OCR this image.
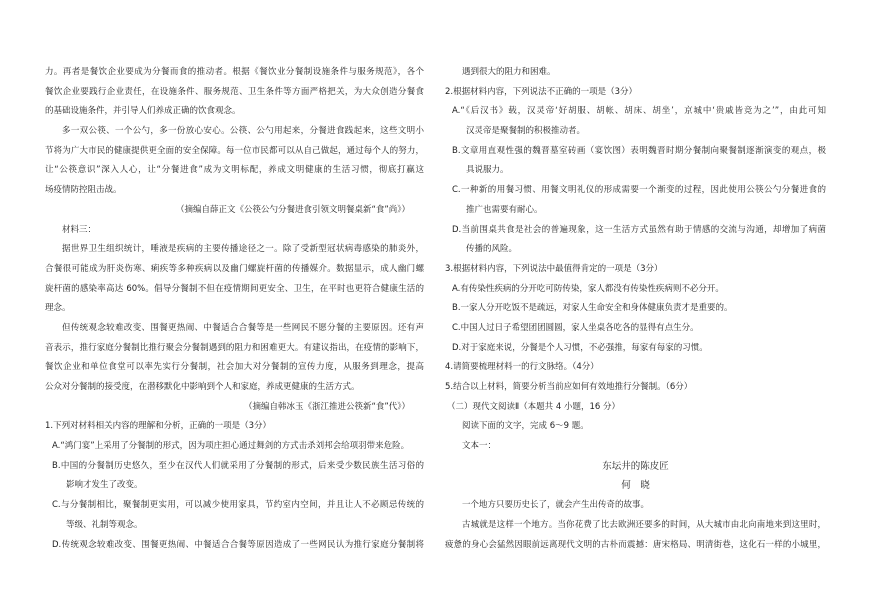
力。再者是餐饮企业要成为分餐而食的推动者。根据《餐饮业分餐制设施条件与服务规范》，各个
餐饮企业要践行企业责任，在设施条件、服务规范、卫生条件等方面严格把关，为大众创造分餐食
的基础设施条件，并引导人们养成正确的饮食观念。
多一双公筷、一个公勺，多一份放心安心。公筷、公勺用起来，分餐进食践起来，这些文明小
节将为广大市民的健康提供更全面的安全保障。每一位市民都可以从自己做起，通过每个人的努力，
让“公筷意识”深入人心，让“分餐进食”成为文明标配，养成文明健康的生活习惯，彻底打赢这
场疫情防控阻击战。
（摘编自薛正文《公筷公勺分餐进食引领文明餐桌新“食”尚》）
材料三：
据世界卫生组织统计，唾液是疾病的主要传播途径之一。除了受新型冠状病毒感染的肺炎外，
合餐很可能成为肝炎伤寒、痢疾等多种疾病以及幽门螺旋杆菌的传播媒介。数据显示，成人幽门螺
旋杆菌的感染率高达 60%。倡导分餐制不但在疫情期间更安全、卫生，在平时也更符合健康生活的
理念。
但传统观念较难改变、围餐更热闹、中餐适合合餐等是一些网民不愿分餐的主要原因。还有声
音表示，推行家庭分餐制比推行聚会分餐制遇到的阻力和困难更大。有建议指出，在疫情的影响下，
餐饮企业和单位食堂可以率先实行分餐制，社会加大对分餐制的宣传力度，从服务到理念，提高
公众对分餐制的接受度，在潜移默化中影响到个人和家庭，养成更健康的生活方式。
（摘编自韩冰玉《浙江推进公筷新“食”代》）
1.下列对材料相关内容的理解和分析，正确的一项是（3分）
A.“鸿门宴”上采用了分餐制的形式，因为项庄担心通过舞剑的方式击杀刘邦会给项羽带来危险。
B.中国的分餐制历史悠久，至少在汉代人们就采用了分餐制的形式，后来受少数民族生活习俗的
影响才发生了改变。
C.与分餐制相比，聚餐制更实用，可以减少使用家具，节约室内空间，并且让人不必顾忌传统的
等级、礼制等观念。
D.传统观念较难改变、围餐更热闹、中餐适合合餐等原因造成了一些网民认为推行家庭分餐制将
遇到很大的阻力和困难。
2.根据材料内容，下列说法不正确的一项是（3分）
A.“《后汉书》载，汉灵帝‘好胡服、胡帐、胡床、胡坐’，京城中‘贵戚皆竞为之’”，由此可知
汉灵帝是聚餐制的积极推动者。
B.文章用直观性强的魏晋墓室砖画（宴饮图）表明魏晋时期分餐制向聚餐制逐渐演变的观点，极
具说服力。
C.一种新的用餐习惯、用餐文明礼仪的形成需要一个渐变的过程，因此使用公筷公勺分餐进食的
推广也需要有耐心。
D.当前围桌共食是社会的普遍现象，这一生活方式虽然有助于情感的交流与沟通，却增加了病菌
传播的风险。
3.根据材料内容，下列说法中最值得肯定的一项是（3分）
A.有传染性疾病的分开吃可防传染，家人都没有传染性疾病则不必分开。
B.一家人分开吃饭不是疏远，对家人生命安全和身体健康负责才是重要的。
C.中国人过日子希望团团圆圆，家人坐桌各吃各的显得有点生分。
D.对于家庭来说，分餐是个人习惯，不必强推，每家有每家的习惯。
4.请简要梳理材料一的行文脉络。（4分）
5.结合以上材料，简要分析当前应如何有效地推行分餐制。（6分）
（二）现代文阅读Ⅱ（本题共 4 小题，16 分）
阅读下面的文字，完成 6～9 题。
文本一：
东坛井的陈皮匠
何　晓
一个地方只要历史长了，就会产生出传奇的故事。
古城就是这样一个地方。当你花费了比去欧洲还要多的时间，从大城市由北向南地来到这里时，
疲惫的身心会猛然因眼前远离现代文明的古朴而震撼：唐宋格局、明清街巷，这化石一样的小城里，
